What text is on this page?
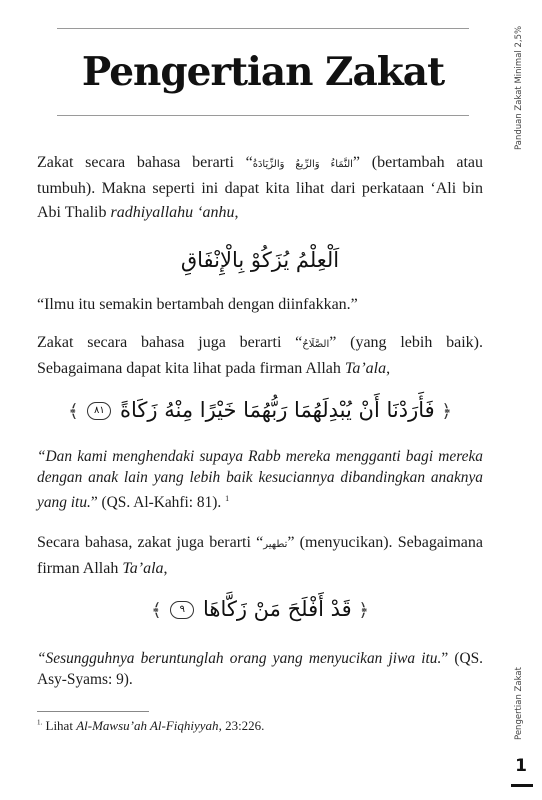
Pengertian Zakat	Panduan Zakat Minimal 2,5%
Pengertian Zakat

Zakat secara bahasa berarti “النَّمَاءُ وَالرِّيعُ وَالزِّيَادَةُ” (bertambah atau tumbuh). Makna seperti ini dapat kita lihat dari perkataan ‘Ali bin Abi Thalib radhiyallahu ‘anhu,

اَلْعِلْمُ يُزَكُوْ بِالْإِنْفَاقِ

“Ilmu itu semakin bertambah dengan diinfakkan.”

Zakat secara bahasa juga berarti “الصَّلَاحُ” (yang lebih baik). Sebagaimana dapat kita lihat pada firman Allah Ta’ala,

﴿ فَأَرَدْنَا أَنْ يُبْدِلَهُمَا رَبُّهُمَا خَيْرًا مِنْهُ زَكَاةً ٨١ ﴾

“Dan kami menghendaki supaya Rabb mereka mengganti bagi mereka dengan anak lain yang lebih baik kesuciannya dibandingkan anaknya yang itu.” (QS. Al-Kahfi: 81). $^1$

Secara bahasa, zakat juga berarti “تطهير” (menyucikan). Sebagaimana firman Allah Ta’ala,

﴿ قَدْ أَفْلَحَ مَنْ زَكَّاهَا ٩ ﴾

“Sesungguhnya beruntunglah orang yang menyucikan jiwa itu.” (QS. Asy-Syams: 9).

$^{1.}$ Lihat Al-Mawsu’ah Al-Fiqhiyyah, 23:226.

1
